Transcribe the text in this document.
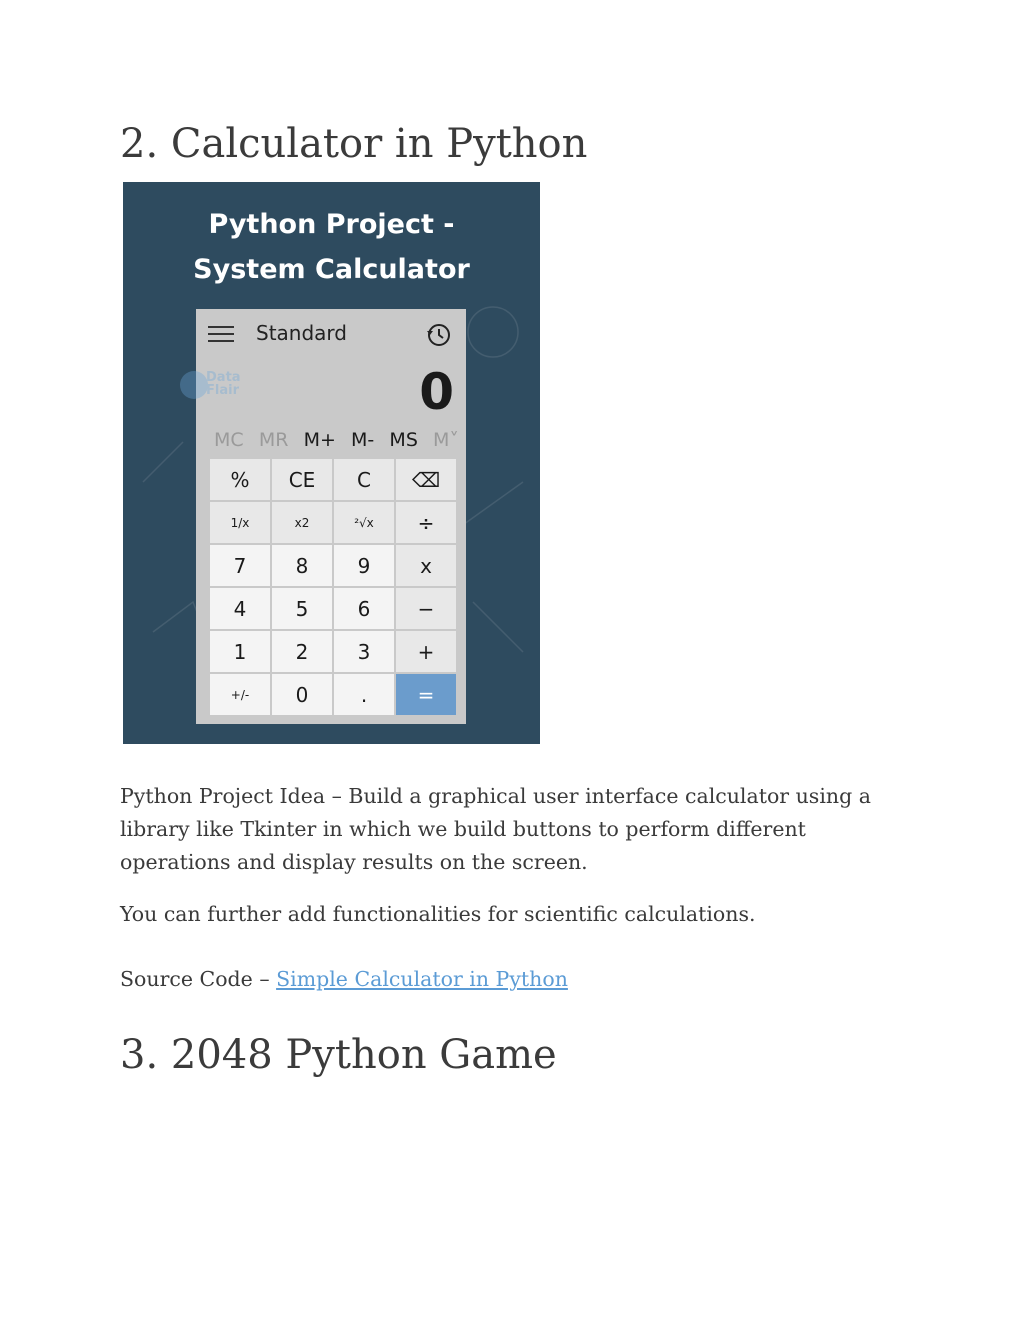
2. Calculator in Python
Python Project -
System Calculator
Standard
Data Flair	0
MC MR M+ M- MS M˅
%	CE	C	⌫
1/x	x2	²√x	÷
7	8	9	x
4	5	6	−
1	2	3	+
+/-	0	.	=

Python Project Idea – Build a graphical user interface calculator using a library like Tkinter in which we build buttons to perform different operations and display results on the screen.

You can further add functionalities for scientific calculations.

Source Code – Simple Calculator in Python

3. 2048 Python Game
